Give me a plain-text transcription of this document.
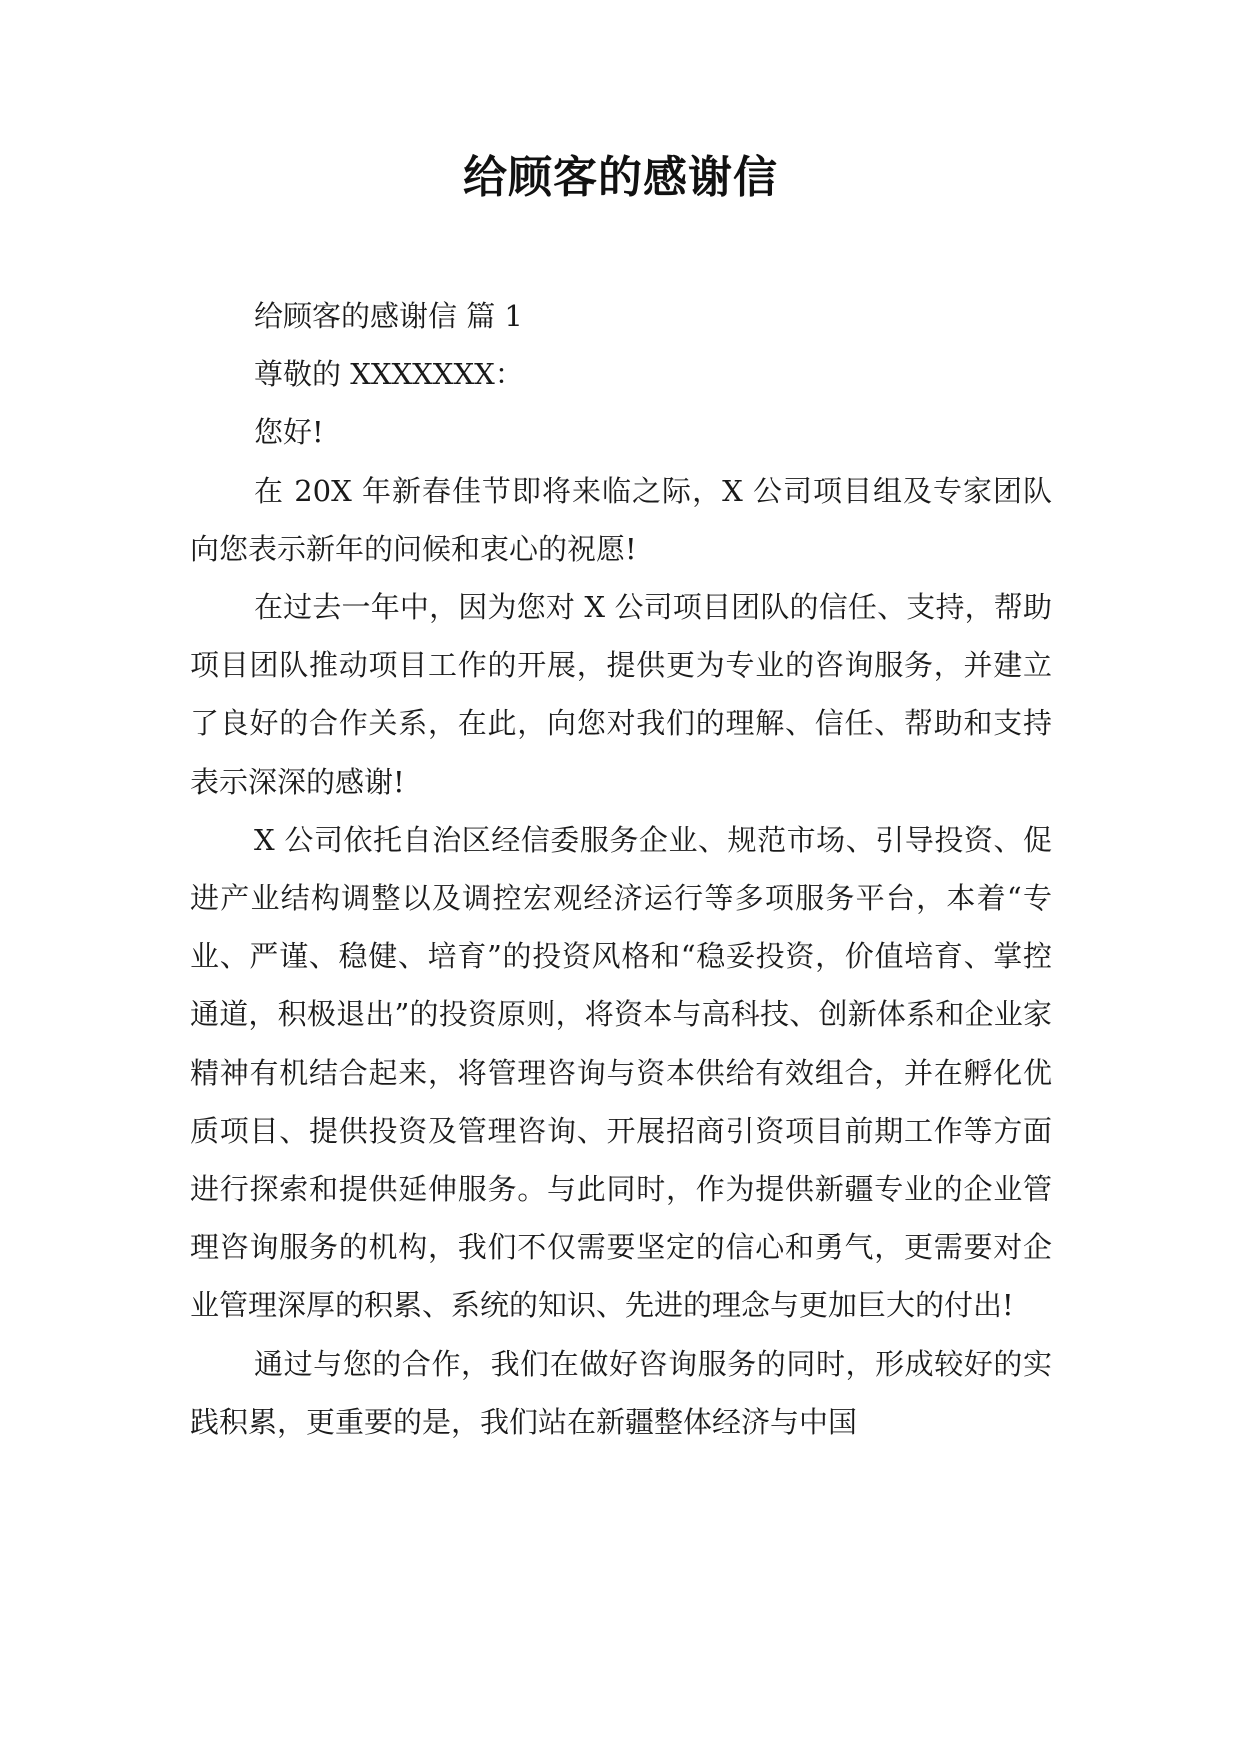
给顾客的感谢信

给顾客的感谢信 篇 1

尊敬的 XXXXXXX：

您好!

在 20X 年新春佳节即将来临之际，X 公司项目组及专家团队向您表示新年的问候和衷心的祝愿!

在过去一年中，因为您对 X 公司项目团队的信任、支持，帮助项目团队推动项目工作的开展，提供更为专业的咨询服务，并建立了良好的合作关系，在此，向您对我们的理解、信任、帮助和支持表示深深的感谢!

X 公司依托自治区经信委服务企业、规范市场、引导投资、促进产业结构调整以及调控宏观经济运行等多项服务平台，本着“专业、严谨、稳健、培育”的投资风格和“稳妥投资，价值培育、掌控通道，积极退出”的投资原则，将资本与高科技、创新体系和企业家精神有机结合起来，将管理咨询与资本供给有效组合，并在孵化优质项目、提供投资及管理咨询、开展招商引资项目前期工作等方面进行探索和提供延伸服务。与此同时，作为提供新疆专业的企业管理咨询服务的机构，我们不仅需要坚定的信心和勇气，更需要对企业管理深厚的积累、系统的知识、先进的理念与更加巨大的付出!

通过与您的合作，我们在做好咨询服务的同时，形成较好的实践积累，更重要的是，我们站在新疆整体经济与中国
